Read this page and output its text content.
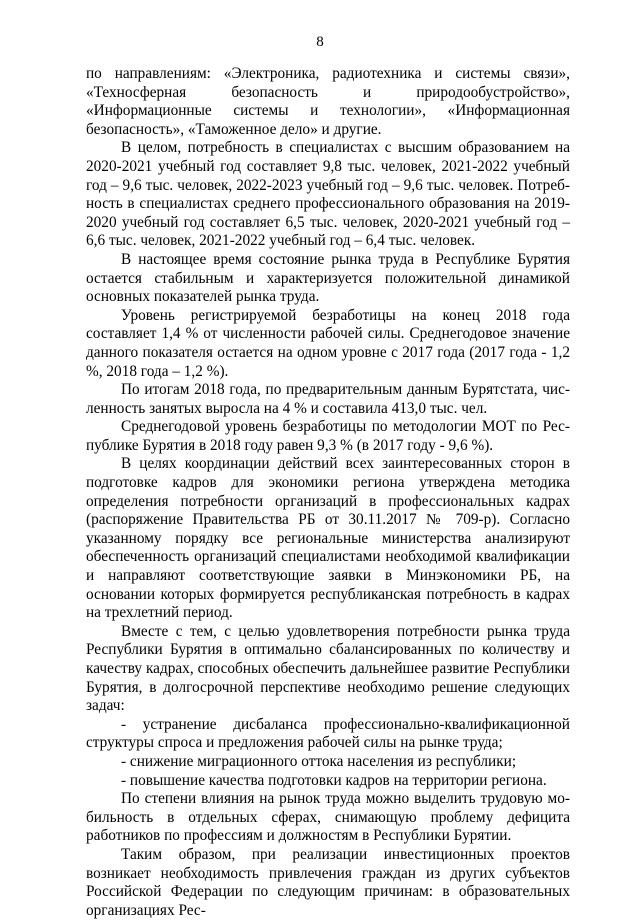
8

по направлениям: «Электроника, радиотехника и системы связи», «Техносферная безопасность и природообустройство», «Информационные системы и технологии», «Информационная безопасность», «Таможенное дело» и другие.

В целом, потребность в специалистах с высшим образованием на 2020-2021 учебный год составляет 9,8 тыс. человек, 2021-2022 учебный год – 9,6 тыс. человек, 2022-2023 учебный год – 9,6 тыс. человек. Потребность в специалистах среднего профессионального образования на 2019-2020 учебный год составляет 6,5 тыс. человек, 2020-2021 учебный год – 6,6 тыс. человек, 2021-2022 учебный год – 6,4 тыс. человек.

В настоящее время состояние рынка труда в Республике Бурятия остается стабильным и характеризуется положительной динамикой основных показателей рынка труда.

Уровень регистрируемой безработицы на конец 2018 года составляет 1,4 % от численности рабочей силы. Среднегодовое значение данного показателя остается на одном уровне с 2017 года (2017 года - 1,2 %, 2018 года – 1,2 %).

По итогам 2018 года, по предварительным данным Бурятстата, численность занятых выросла на 4 % и составила 413,0 тыс. чел.

Среднегодовой уровень безработицы по методологии МОТ по Республике Бурятия в 2018 году равен 9,3 % (в 2017 году - 9,6 %).

В целях координации действий всех заинтересованных сторон в подготовке кадров для экономики региона утверждена методика определения потребности организаций в профессиональных кадрах (распоряжение Правительства РБ от 30.11.2017 № 709-р). Согласно указанному порядку все региональные министерства анализируют обеспеченность организаций специалистами необходимой квалификации и направляют соответствующие заявки в Минэкономики РБ, на основании которых формируется республиканская потребность в кадрах на трехлетний период.

Вместе с тем, с целью удовлетворения потребности рынка труда Республики Бурятия в оптимально сбалансированных по количеству и качеству кадрах, способных обеспечить дальнейшее развитие Республики Бурятия, в долгосрочной перспективе необходимо решение следующих задач:

- устранение дисбаланса профессионально-квалификационной структуры спроса и предложения рабочей силы на рынке труда;

- снижение миграционного оттока населения из республики;

- повышение качества подготовки кадров на территории региона.

По степени влияния на рынок труда можно выделить трудовую мобильность в отдельных сферах, снимающую проблему дефицита работников по профессиям и должностям в Республики Бурятии.

Таким образом, при реализации инвестиционных проектов возникает необходимость привлечения граждан из других субъектов Российской Федерации по следующим причинам: в образовательных организациях Рес-
